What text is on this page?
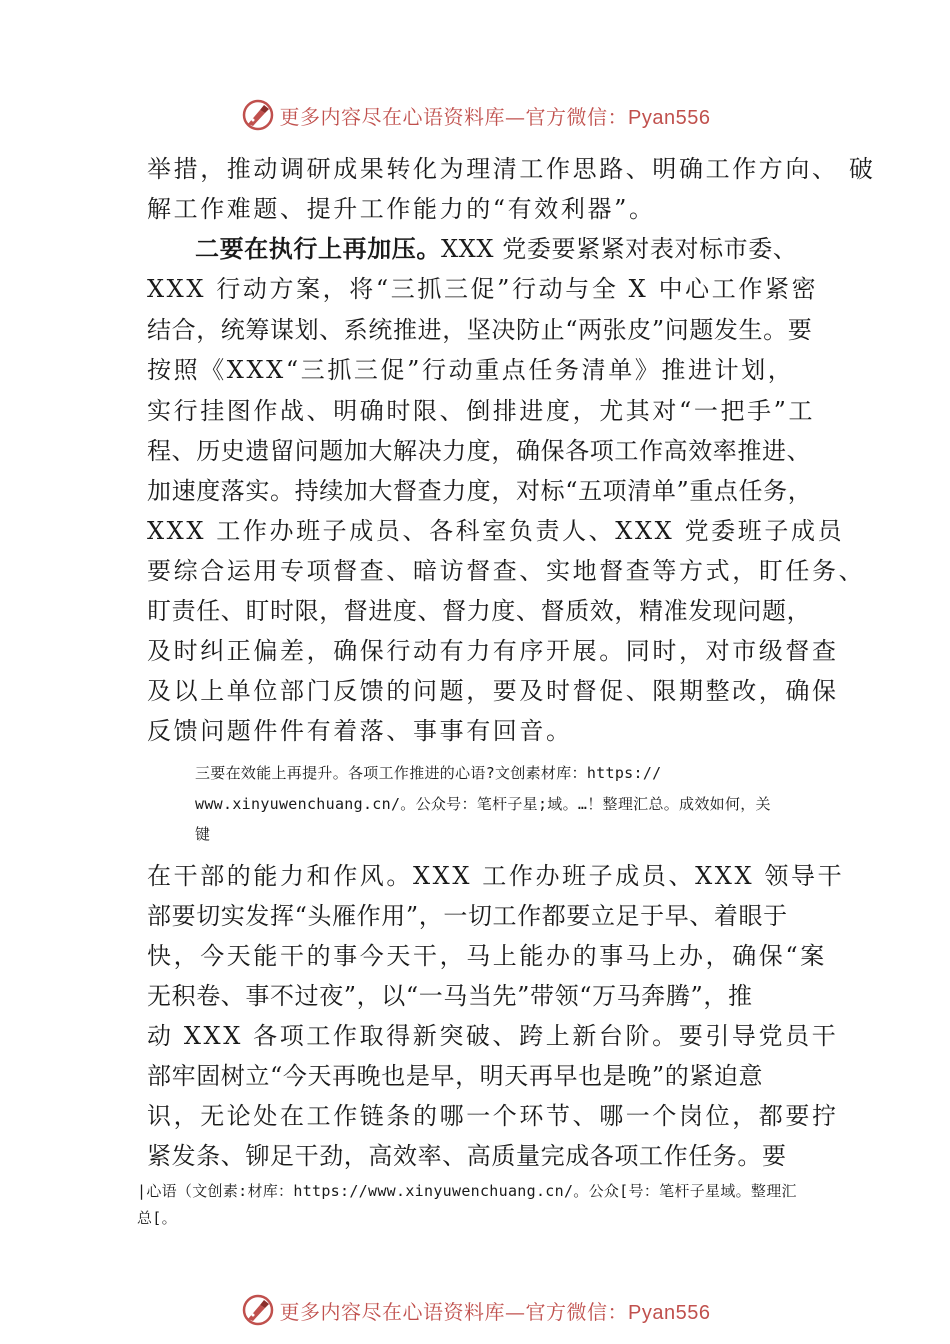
更多内容尽在心语资料库—官方微信：Pyan556
举措，推动调研成果转化为理清工作思路、明确工作方向、 破
解工作难题、提升工作能力的“有效利器”。
二要在执行上再加压。XXX 党委要紧紧对表对标市委、
XXX 行动方案，将“三抓三促”行动与全 X 中心工作紧密
结合，统筹谋划、系统推进，坚决防止“两张皮”问题发生。要
按照《XXX“三抓三促”行动重点任务清单》推进计划，
实行挂图作战、明确时限、倒排进度，尤其对“一把手”工
程、历史遗留问题加大解决力度，确保各项工作高效率推进、
加速度落实。持续加大督查力度，对标“五项清单”重点任务，
XXX 工作办班子成员、各科室负责人、XXX 党委班子成员
要综合运用专项督查、暗访督查、实地督查等方式，盯任务、
盯责任、盯时限，督进度、督力度、督质效，精准发现问题，
及时纠正偏差，确保行动有力有序开展。同时，对市级督查
及以上单位部门反馈的问题，要及时督促、限期整改，确保
反馈问题件件有着落、事事有回音。
三要在效能上再提升。各项工作推进的心语?文创素材库：https://
www.xinyuwenchuang.cn/。公众号：笔杆子星;域。…！整理汇总。成效如何，关
键
在干部的能力和作风。XXX 工作办班子成员、XXX 领导干
部要切实发挥“头雁作用”，一切工作都要立足于早、着眼于
快，今天能干的事今天干，马上能办的事马上办，确保“案
无积卷、事不过夜”，以“一马当先”带领“万马奔腾”，推
动 XXX 各项工作取得新突破、跨上新台阶。要引导党员干
部牢固树立“今天再晚也是早，明天再早也是晚”的紧迫意
识，无论处在工作链条的哪一个环节、哪一个岗位，都要拧
紧发条、铆足干劲，高效率、高质量完成各项工作任务。要
|心语（文创素:材库：https://www.xinyuwenchuang.cn/。公众[号：笔杆子星域。整理汇
总[。
更多内容尽在心语资料库—官方微信：Pyan556
